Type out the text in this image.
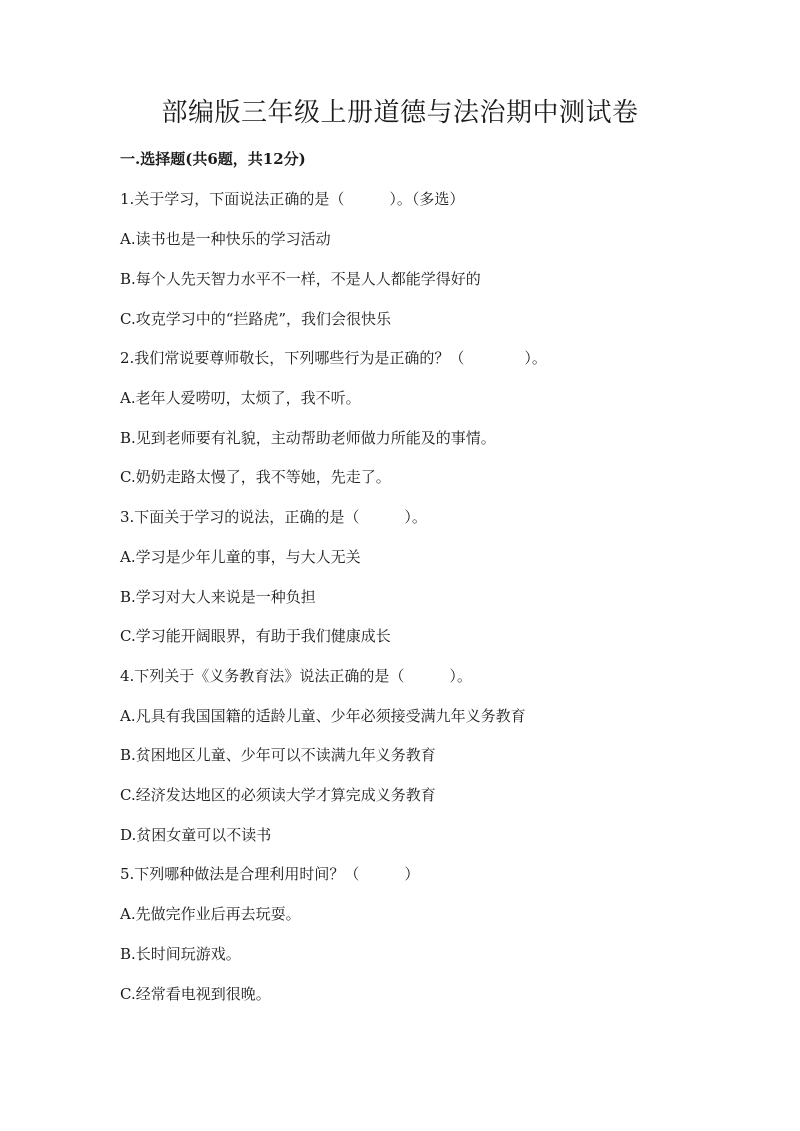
部编版三年级上册道德与法治期中测试卷

一.选择题(共6题，共12分)

1.关于学习，下面说法正确的是（　　　）。（多选）

A.读书也是一种快乐的学习活动

B.每个人先天智力水平不一样，不是人人都能学得好的

C.攻克学习中的“拦路虎”，我们会很快乐

2.我们常说要尊师敬长，下列哪些行为是正确的？（　　　　）。

A.老年人爱唠叨，太烦了，我不听。

B.见到老师要有礼貌，主动帮助老师做力所能及的事情。

C.奶奶走路太慢了，我不等她，先走了。

3.下面关于学习的说法，正确的是（　　　）。

A.学习是少年儿童的事，与大人无关

B.学习对大人来说是一种负担

C.学习能开阔眼界，有助于我们健康成长

4.下列关于《义务教育法》说法正确的是（　　　）。

A.凡具有我国国籍的适龄儿童、少年必须接受满九年义务教育

B.贫困地区儿童、少年可以不读满九年义务教育

C.经济发达地区的必须读大学才算完成义务教育

D.贫困女童可以不读书

5.下列哪种做法是合理利用时间？（　　　）

A.先做完作业后再去玩耍。

B.长时间玩游戏。

C.经常看电视到很晚。
